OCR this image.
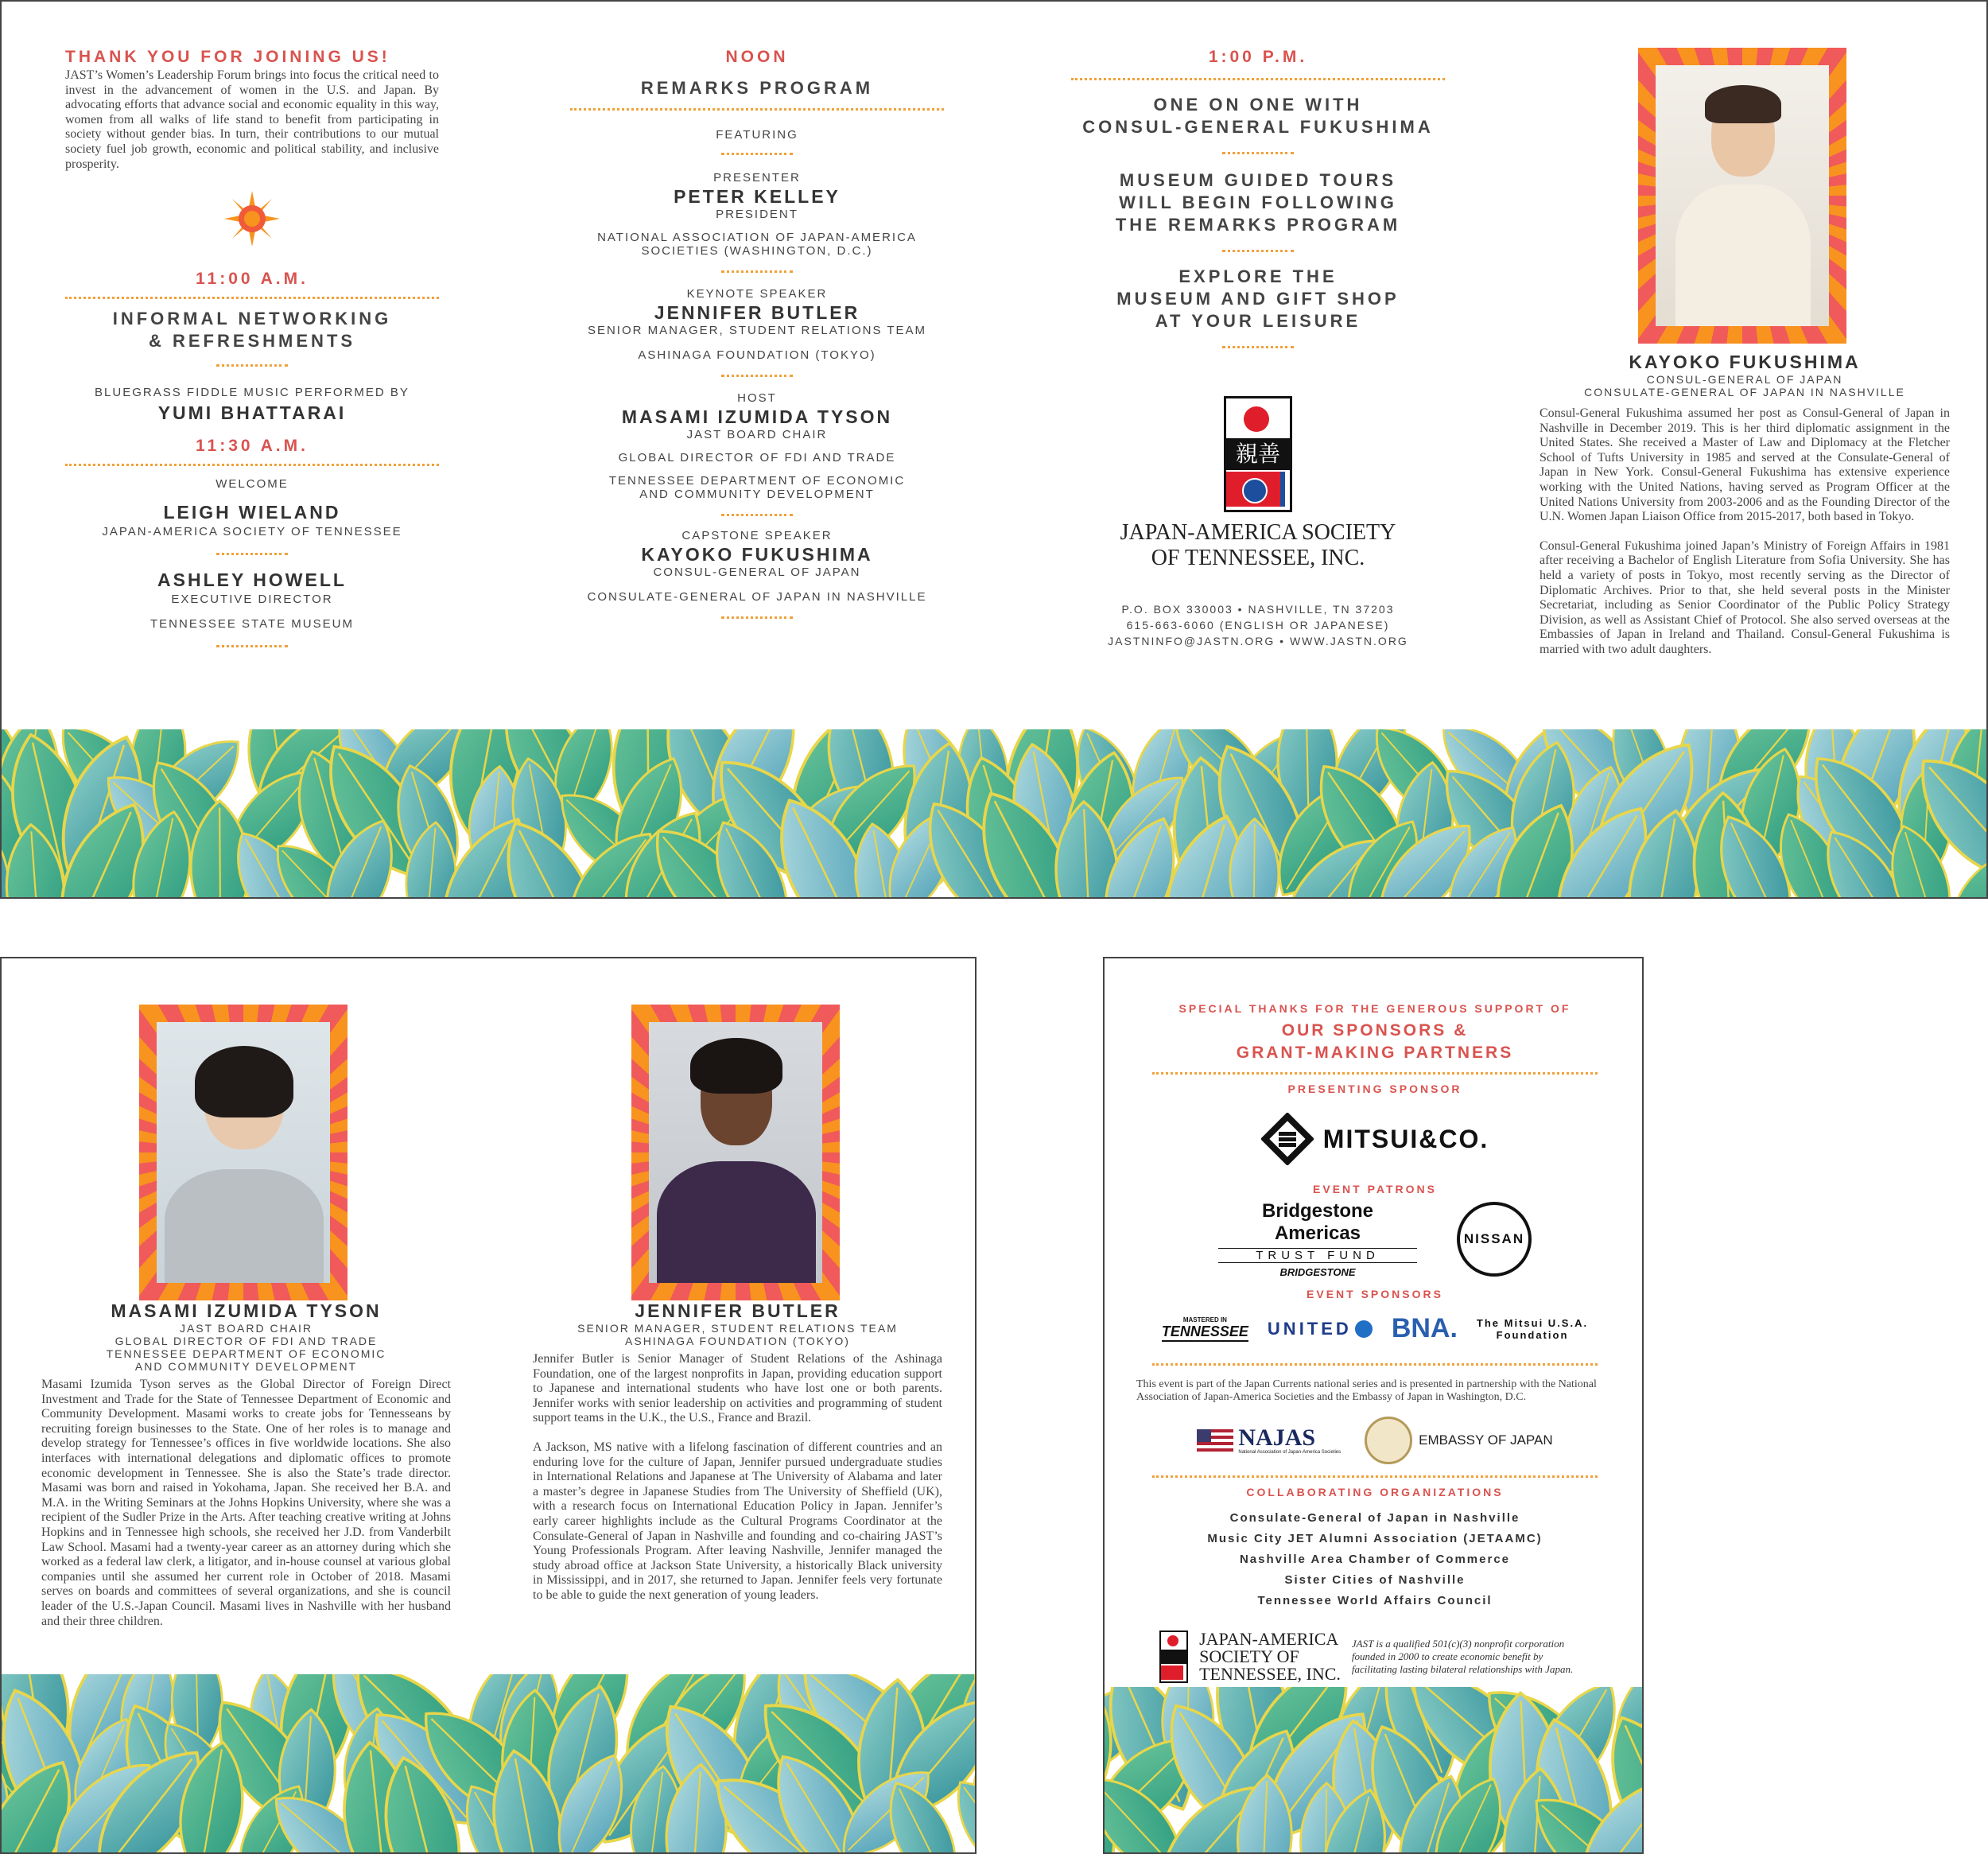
THANK YOU FOR JOINING US!
JAST’s Women’s Leadership Forum brings into focus the critical need to invest in the advancement of women in the U.S. and Japan. By advocating efforts that advance social and economic equality in this way, women from all walks of life stand to benefit from participating in society without gender bias. In turn, their contributions to our mutual society fuel job growth, economic and political stability, and inclusive prosperity.
11:00 A.M.
INFORMAL NETWORKING
& REFRESHMENTS
BLUEGRASS FIDDLE MUSIC PERFORMED BY
YUMI BHATTARAI
11:30 A.M.
WELCOME
LEIGH WIELAND
JAPAN-AMERICA SOCIETY OF TENNESSEE
ASHLEY HOWELL
EXECUTIVE DIRECTOR
TENNESSEE STATE MUSEUM
NOON
REMARKS PROGRAM
FEATURING
PRESENTER
PETER KELLEY
PRESIDENT
NATIONAL ASSOCIATION OF JAPAN-AMERICA
SOCIETIES (WASHINGTON, D.C.)
KEYNOTE SPEAKER
JENNIFER BUTLER
SENIOR MANAGER, STUDENT RELATIONS TEAM
ASHINAGA FOUNDATION (TOKYO)
HOST
MASAMI IZUMIDA TYSON
JAST BOARD CHAIR
GLOBAL DIRECTOR OF FDI AND TRADE
TENNESSEE DEPARTMENT OF ECONOMIC
AND COMMUNITY DEVELOPMENT
CAPSTONE SPEAKER
KAYOKO FUKUSHIMA
CONSUL-GENERAL OF JAPAN
CONSULATE-GENERAL OF JAPAN IN NASHVILLE
1:00 P.M.
ONE ON ONE WITH
CONSUL-GENERAL FUKUSHIMA
MUSEUM GUIDED TOURS
WILL BEGIN FOLLOWING
THE REMARKS PROGRAM
EXPLORE THE
MUSEUM AND GIFT SHOP
AT YOUR LEISURE
親善
JAPAN-AMERICA SOCIETY
OF TENNESSEE, INC.
P.O. BOX 330003 • NASHVILLE, TN 37203
615-663-6060 (ENGLISH OR JAPANESE)
JASTNINFO@JASTN.ORG • WWW.JASTN.ORG
KAYOKO FUKUSHIMA
CONSUL-GENERAL OF JAPAN
CONSULATE-GENERAL OF JAPAN IN NASHVILLE
Consul-General Fukushima assumed her post as Consul-General of Japan in Nashville in December 2019. This is her third diplomatic assignment in the United States. She received a Master of Law and Diplomacy at the Fletcher School of Tufts University in 1985 and served at the Consulate-General of Japan in New York. Consul-General Fukushima has extensive experience working with the United Nations, having served as Program Officer at the United Nations University from 2003-2006 and as the Founding Director of the U.N. Women Japan Liaison Office from 2015-2017, both based in Tokyo.
Consul-General Fukushima joined Japan’s Ministry of Foreign Affairs in 1981 after receiving a Bachelor of English Literature from Sofia University. She has held a variety of posts in Tokyo, most recently serving as the Director of Diplomatic Archives. Prior to that, she held several posts in the Minister Secretariat, including as Senior Coordinator of the Public Policy Strategy Division, as well as Assistant Chief of Protocol. She also served overseas at the Embassies of Japan in Ireland and Thailand. Consul-General Fukushima is married with two adult daughters.
MASAMI IZUMIDA TYSON
JAST BOARD CHAIR
GLOBAL DIRECTOR OF FDI AND TRADE
TENNESSEE DEPARTMENT OF ECONOMIC
AND COMMUNITY DEVELOPMENT
Masami Izumida Tyson serves as the Global Director of Foreign Direct Investment and Trade for the State of Tennessee Department of Economic and Community Development. Masami works to create jobs for Tennesseans by recruiting foreign businesses to the State. One of her roles is to manage and develop strategy for Tennessee’s offices in five worldwide locations. She also interfaces with international delegations and diplomatic offices to promote economic development in Tennessee. She is also the State’s trade director. Masami was born and raised in Yokohama, Japan. She received her B.A. and M.A. in the Writing Seminars at the Johns Hopkins University, where she was a recipient of the Sudler Prize in the Arts. After teaching creative writing at Johns Hopkins and in Tennessee high schools, she received her J.D. from Vanderbilt Law School. Masami had a twenty-year career as an attorney during which she worked as a federal law clerk, a litigator, and in-house counsel at various global companies until she assumed her current role in October of 2018. Masami serves on boards and committees of several organizations, and she is council leader of the U.S.-Japan Council. Masami lives in Nashville with her husband and their three children.
JENNIFER BUTLER
SENIOR MANAGER, STUDENT RELATIONS TEAM
ASHINAGA FOUNDATION (TOKYO)
Jennifer Butler is Senior Manager of Student Relations of the Ashinaga Foundation, one of the largest nonprofits in Japan, providing education support to Japanese and international students who have lost one or both parents. Jennifer works with senior leadership on activities and programming of student support teams in the U.K., the U.S., France and Brazil.
A Jackson, MS native with a lifelong fascination of different countries and an enduring love for the culture of Japan, Jennifer pursued undergraduate studies in International Relations and Japanese at The University of Alabama and later a master’s degree in Japanese Studies from The University of Sheffield (UK), with a research focus on International Education Policy in Japan. Jennifer’s early career highlights include as the Cultural Programs Coordinator at the Consulate-General of Japan in Nashville and founding and co-chairing JAST’s Young Professionals Program. After leaving Nashville, Jennifer managed the study abroad office at Jackson State University, a historically Black university in Mississippi, and in 2017, she returned to Japan. Jennifer feels very fortunate to be able to guide the next generation of young leaders.
SPECIAL THANKS FOR THE GENEROUS SUPPORT OF
OUR SPONSORS &
GRANT-MAKING PARTNERS
PRESENTING SPONSOR
MITSUI&CO.
EVENT PATRONS
Bridgestone Americas
TRUST FUND
BRIDGESTONE
NISSAN
EVENT SPONSORS
MASTERED IN
TENNESSEE UNITED BNA. The Mitsui U.S.A.
Foundation
This event is part of the Japan Currents national series and is presented in partnership with the National Association of Japan-America Societies and the Embassy of Japan in Washington, D.C.
NAJAS
National Association of Japan-America Societies
EMBASSY OF JAPAN
COLLABORATING ORGANIZATIONS
Consulate-General of Japan in Nashville
Music City JET Alumni Association (JETAAMC)
Nashville Area Chamber of Commerce
Sister Cities of Nashville
Tennessee World Affairs Council
JAPAN-AMERICA
SOCIETY OF
TENNESSEE, INC.
JAST is a qualified 501(c)(3) nonprofit corporation founded in 2000 to create economic benefit by facilitating lasting bilateral relationships with Japan.
